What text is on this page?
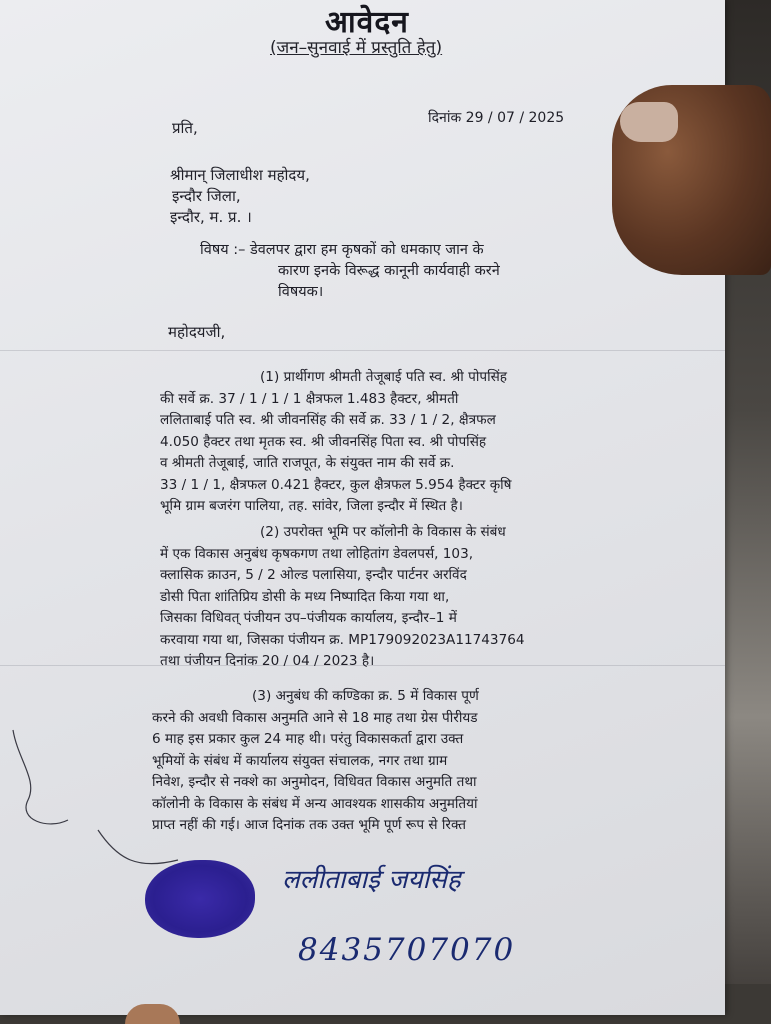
आवेदन
(जन–सुनवाई में प्रस्तुति हेतु)
दिनांक 29 / 07 / 2025
प्रति,
श्रीमान् जिलाधीश महोदय,
इन्दौर जिला,
इन्दौर, म. प्र. ।
विषय :– डेवलपर द्वारा हम कृषकों को धमकाए जान के
कारण इनके विरूद्ध कानूनी कार्यवाही करने
विषयक।
महोदयजी,
(1) प्रार्थीगण श्रीमती तेजूबाई पति स्व. श्री पोपसिंह
की सर्वे क्र. 37 / 1 / 1 / 1 क्षैत्रफल 1.483 हैक्टर, श्रीमती
ललिताबाई पति स्व. श्री जीवनसिंह की सर्वे क्र. 33 / 1 / 2, क्षैत्रफल
4.050 हैक्टर तथा मृतक स्व. श्री जीवनसिंह पिता स्व. श्री पोपसिंह
व श्रीमती तेजूबाई, जाति राजपूत, के संयुक्त नाम की सर्वे क्र.
33 / 1 / 1, क्षैत्रफल 0.421 हैक्टर, कुल क्षैत्रफल 5.954 हैक्टर कृषि
भूमि ग्राम बजरंग पालिया, तह. सांवेर, जिला इन्दौर में स्थित है।
(2) उपरोक्त भूमि पर कॉलोनी के विकास के संबंध
में एक विकास अनुबंध कृषकगण तथा लोहितांग डेवलपर्स, 103,
क्लासिक क्राउन, 5 / 2 ओल्ड पलासिया, इन्दौर पार्टनर अरविंद
डोसी पिता शांतिप्रिय डोसी के मध्य निष्पादित किया गया था,
जिसका विधिवत् पंजीयन उप–पंजीयक कार्यालय, इन्दौर–1 में
करवाया गया था, जिसका पंजीयन क्र. MP179092023A11743764
तथा पंजीयन दिनांक 20 / 04 / 2023 है।
(3) अनुबंध की कण्डिका क्र. 5 में विकास पूर्ण
करने की अवधी विकास अनुमति आने से 18 माह तथा ग्रेस पीरीयड
6 माह इस प्रकार कुल 24 माह थी। परंतु विकासकर्ता द्वारा उक्त
भूमियों के संबंध में कार्यालय संयुक्त संचालक, नगर तथा ग्राम
निवेश, इन्दौर से नक्शे का अनुमोदन, विधिवत विकास अनुमति तथा
कॉलोनी के विकास के संबंध में अन्य आवश्यक शासकीय अनुमतियां
प्राप्त नहीं की गई। आज दिनांक तक उक्त भूमि पूर्ण रूप से रिक्त
ललीताबाई जयसिंह
8435707070
